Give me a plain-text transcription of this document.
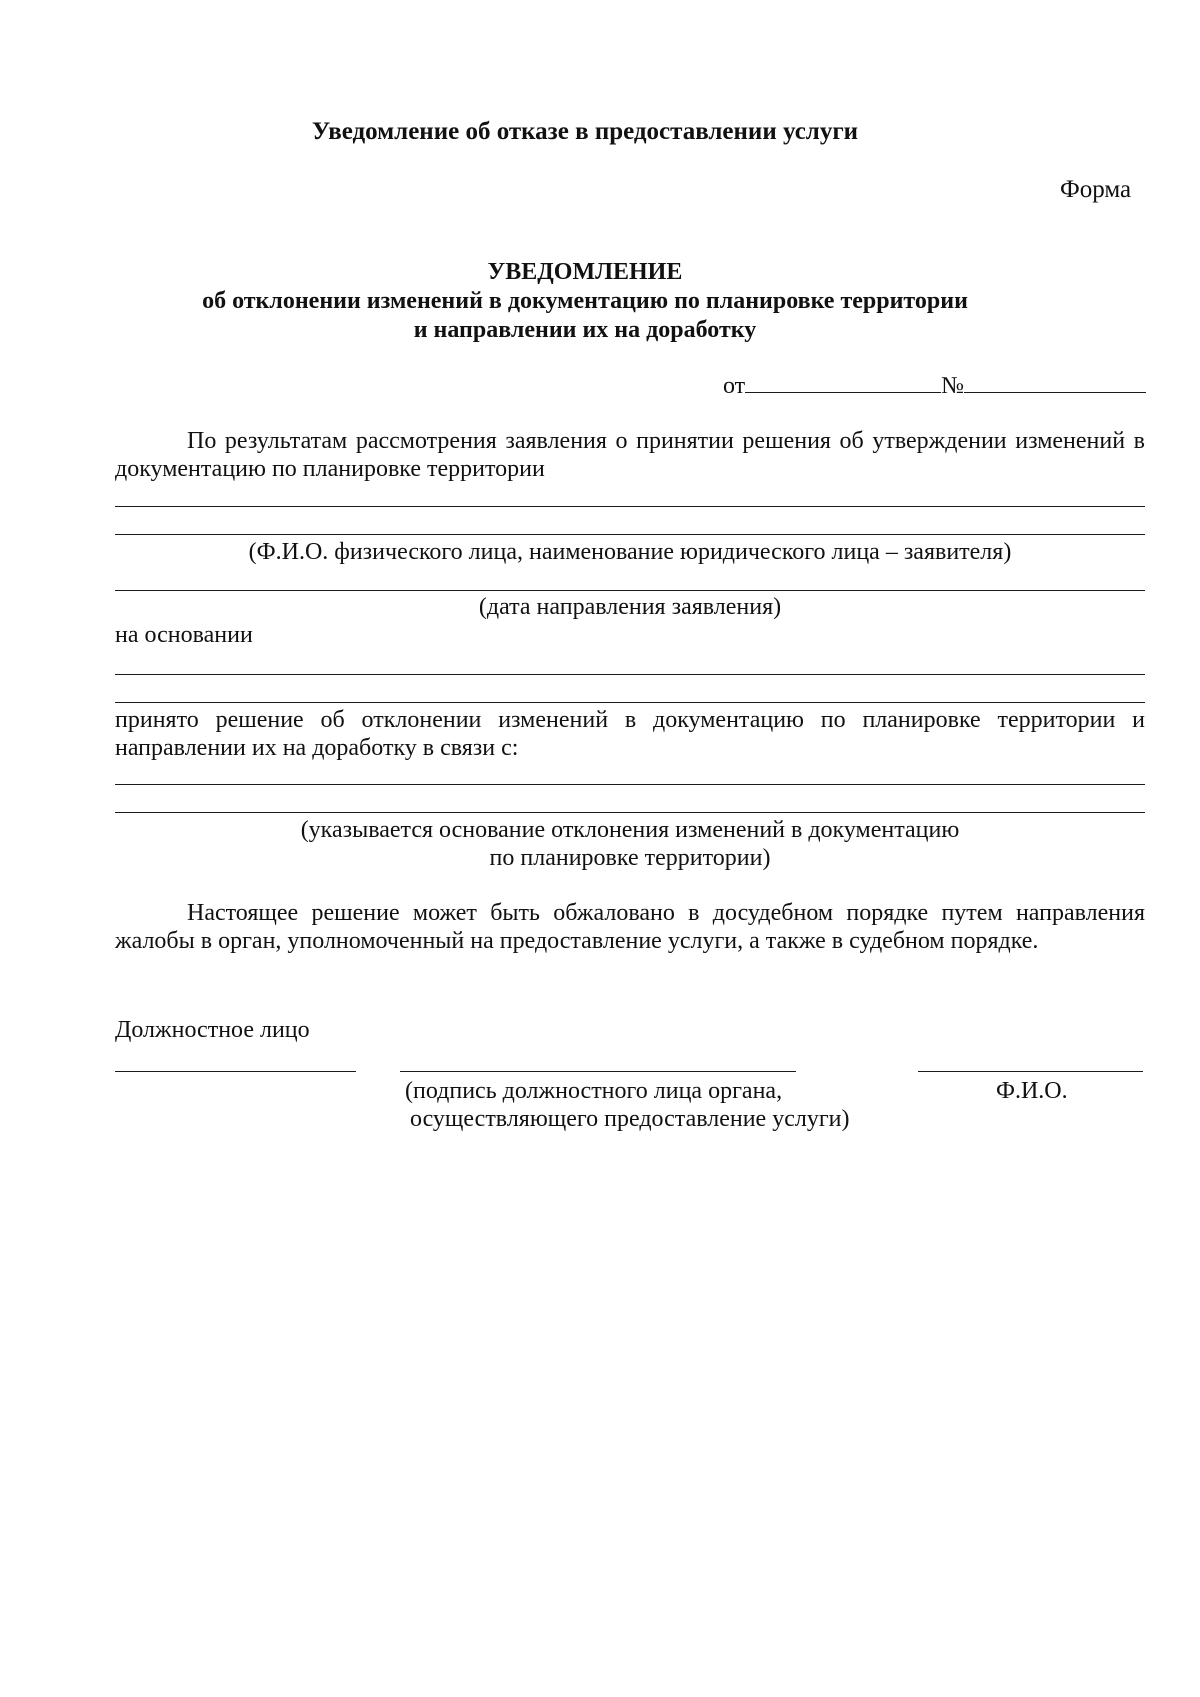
Уведомление об отказе в предоставлении услуги
Форма
УВЕДОМЛЕНИЕ
об отклонении изменений в документацию по планировке территории
и направлении их на доработку
от	№
По результатам рассмотрения заявления о принятии решения об утверждении изменений в
документацию по планировке территории
(Ф.И.О. физического лица, наименование юридического лица – заявителя)
(дата направления заявления)
на основании
принято решение об отклонении изменений в документацию по планировке территории и
направлении их на доработку в связи с:
(указывается основание отклонения изменений в документацию
по планировке территории)
Настоящее решение может быть обжаловано в досудебном порядке путем направления
жалобы в орган, уполномоченный на предоставление услуги, а также в судебном порядке.
Должностное лицо
(подпись должностного лица органа,
осуществляющего предоставление услуги)
Ф.И.О.
